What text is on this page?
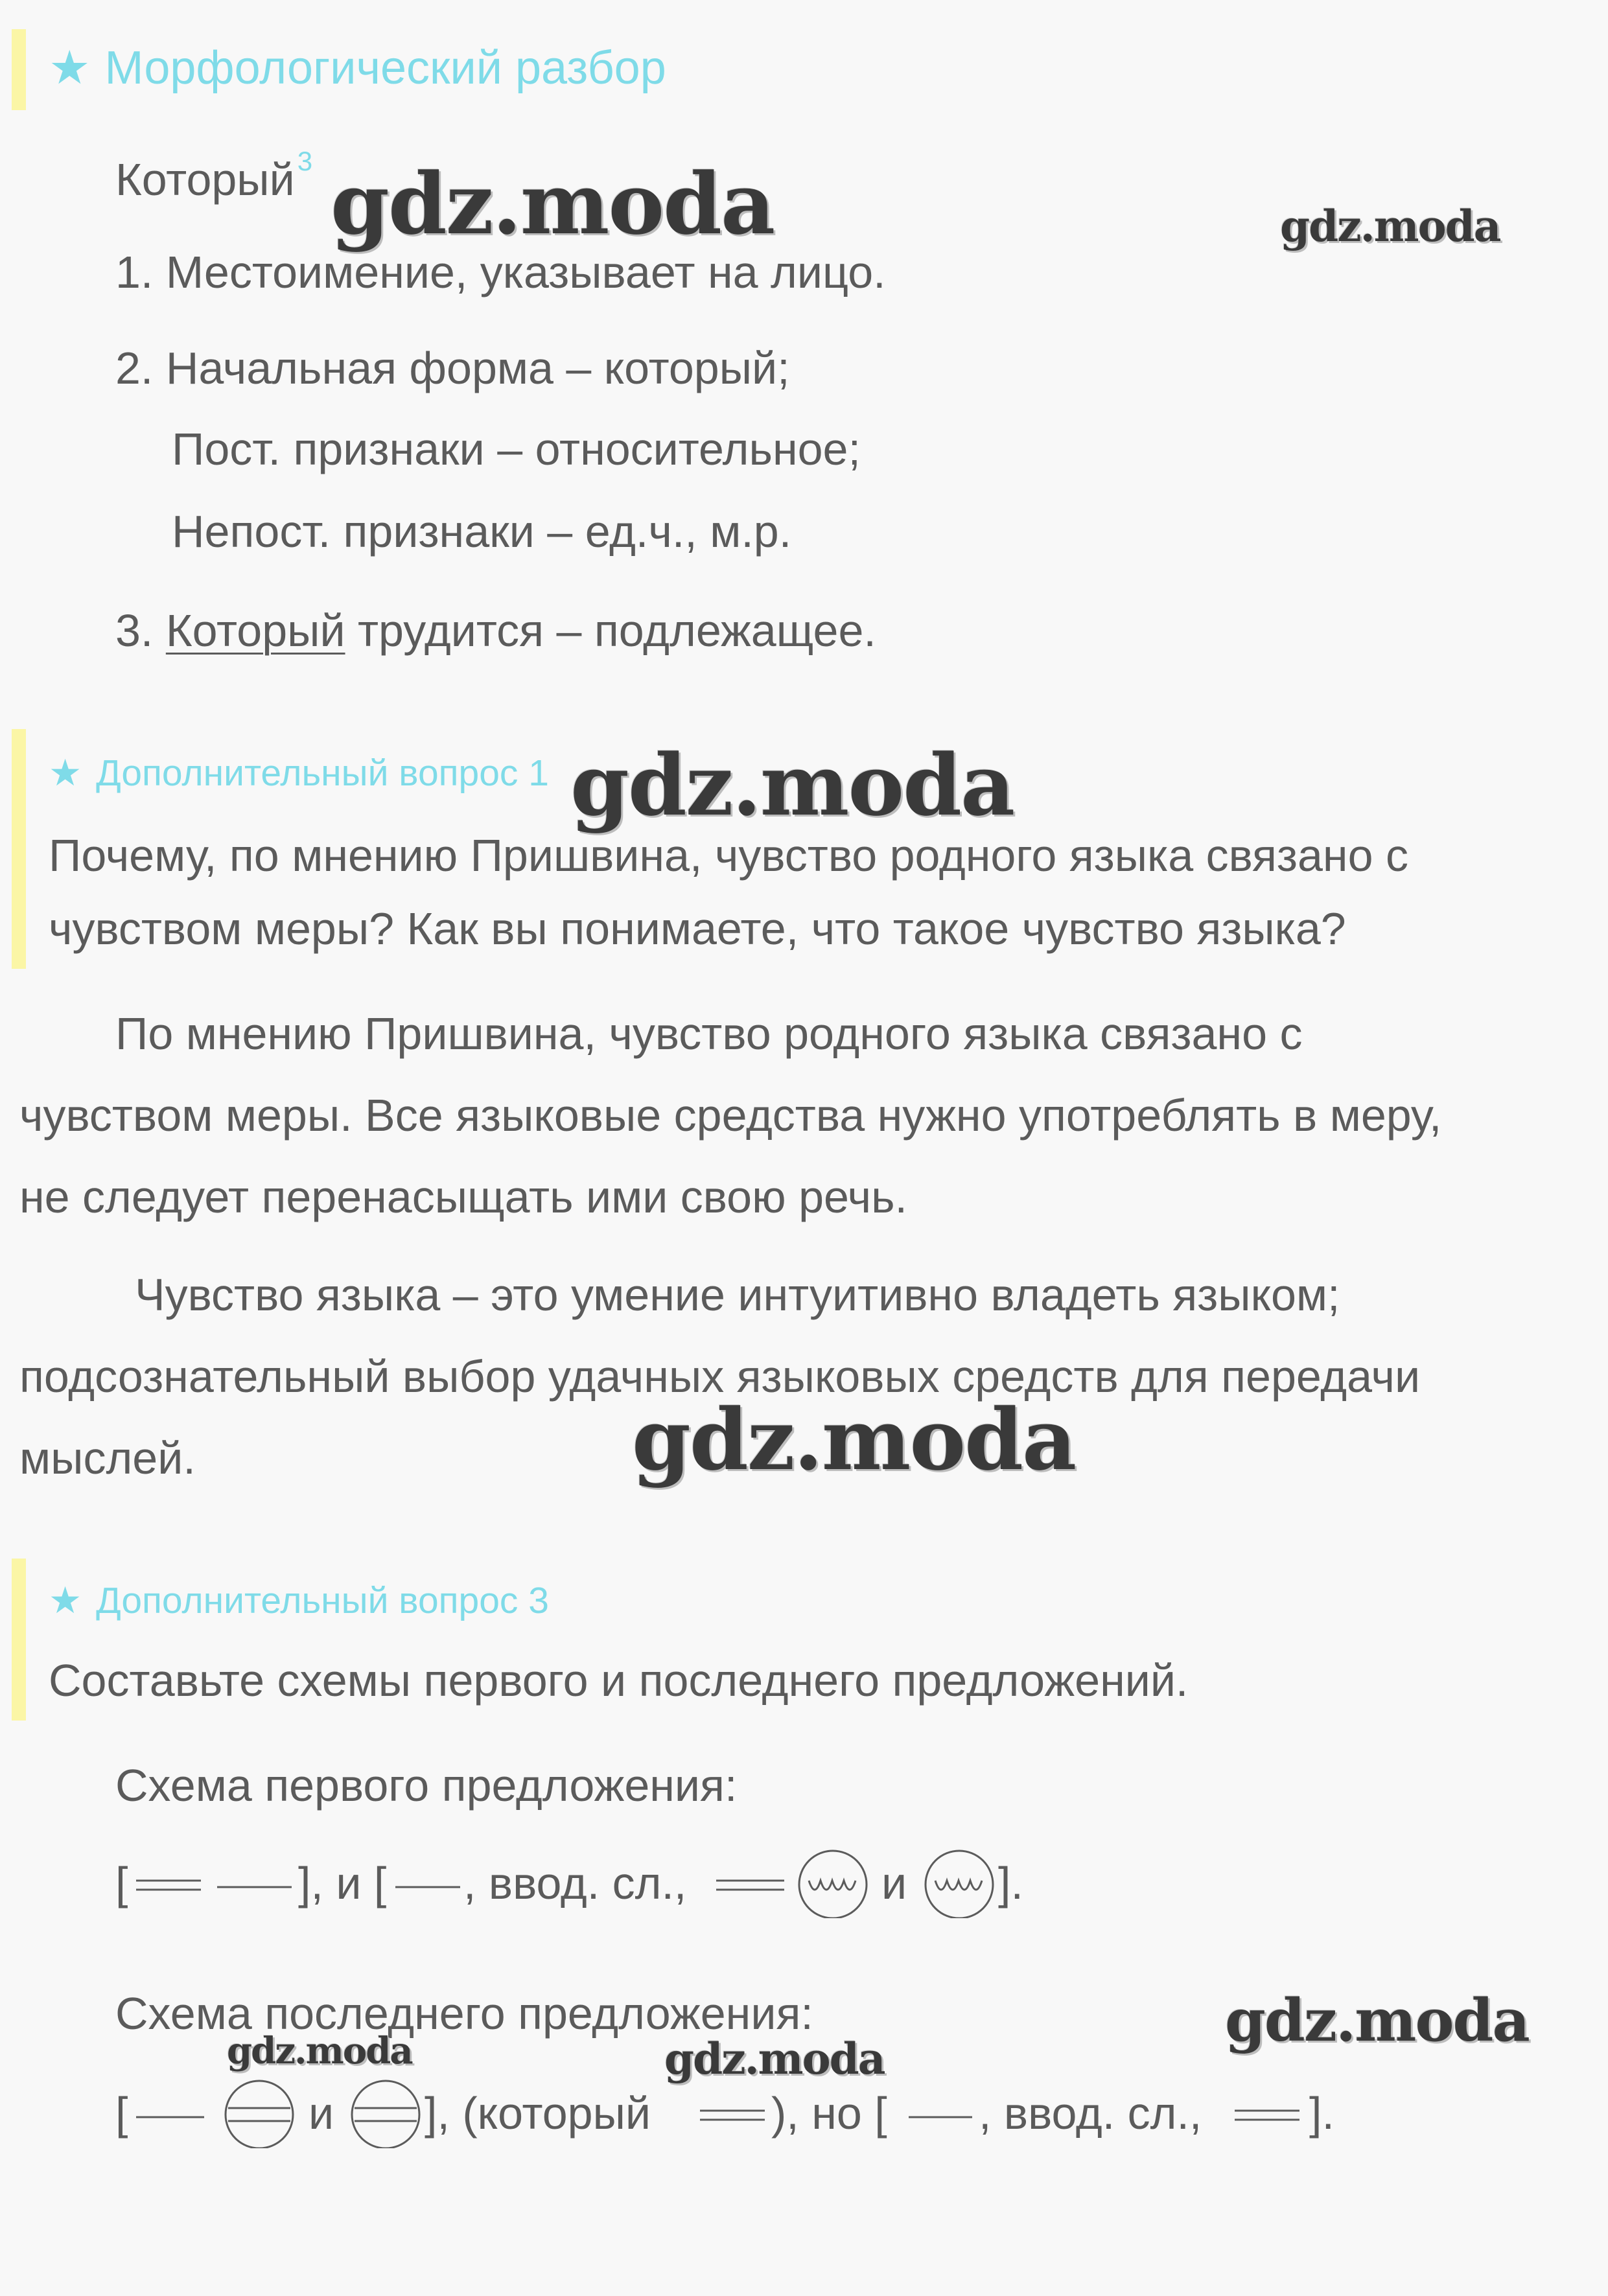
★ Морфологический разбор
Который$^3$
1. Местоимение, указывает на лицо.
2. Начальная форма – который;
Пост. признаки – относительное;
Непост. признаки – ед.ч., м.р.
3. Который трудится – подлежащее.
★ Дополнительный вопрос 1
Почему, по мнению Пришвина, чувство родного языка связано с
чувством меры? Как вы понимаете, что такое чувство языка?
По мнению Пришвина, чувство родного языка связано с
чувством меры. Все языковые средства нужно употреблять в меру,
не следует перенасыщать ими свою речь.
Чувство языка – это умение интуитивно владеть языком;
подсознательный выбор удачных языковых средств для передачи
мыслей.
★ Дополнительный вопрос 3
Составьте схемы первого и последнего предложений.
Схема первого предложения:
[	], и [ , ввод. сл.,	и ].
Схема последнего предложения:
[	и ], (который	), но [ , ввод. сл., ].
gdz.moda	gdz.moda
gdz.moda
gdz.moda
gdz.moda
gdz.moda	gdz.moda
